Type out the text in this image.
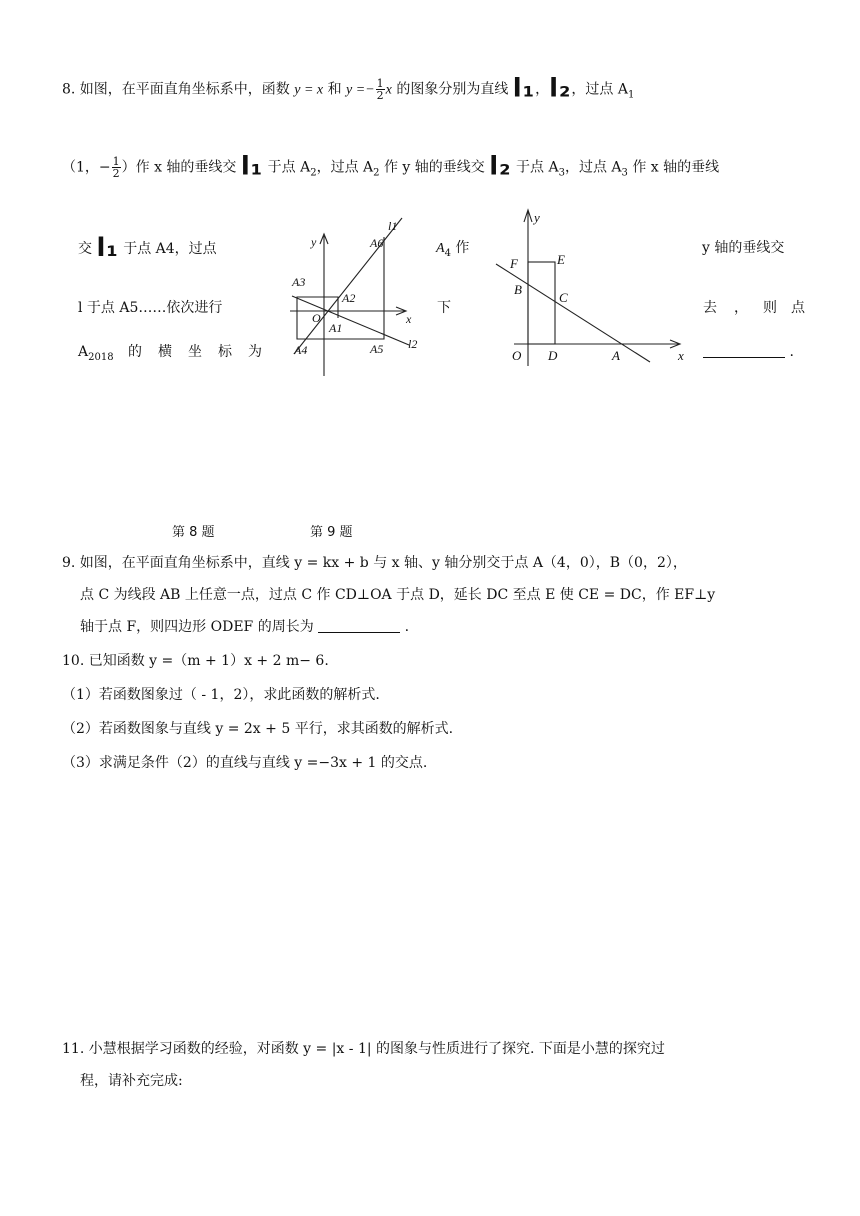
8. 如图，在平面直角坐标系中，函数 y = x 和 $y =- \frac{1}{2}$ x 的图象分别为直线 l₁，l₂，过点 $A_1$
（1，− $\frac{1}{2}$ ）作 x 轴的垂线交 l₁ 于点 $A_2$，过点 $A_2$ 作 y 轴的垂线交 l₂ 于点 $A_3$，过点 $A_3$ 作 x 轴的垂线
交 l₁ 于点 A4，过点	$A_4$ 作	y 轴的垂线交
l 于点 A5……依次进行	下	去 ， 则 点
$A_{2018}$ 的 横 坐 标 为	.
y
x
O
A1
A2
A3
A4	A5
A6
l1
l2
y
x
O D	A
F	E
B
C
第 8 题	第 9 题
9. 如图，在平面直角坐标系中，直线 y = kx + b 与 x 轴、y 轴分别交于点 A（4，0），B（0，2），
点 C 为线段 AB 上任意一点，过点 C 作 CD⊥OA 于点 D，延长 DC 至点 E 使 CE = DC，作 EF⊥y
轴于点 F，则四边形 ODEF 的周长为	.
10. 已知函数 y =（m + 1）x + 2 m− 6.
（1）若函数图象过（ - 1，2），求此函数的解析式.
（2）若函数图象与直线 y = 2x + 5 平行，求其函数的解析式.
（3）求满足条件（2）的直线与直线 y =−3x + 1 的交点.
11. 小慧根据学习函数的经验，对函数 y = |x - 1| 的图象与性质进行了探究. 下面是小慧的探究过
程，请补充完成:
